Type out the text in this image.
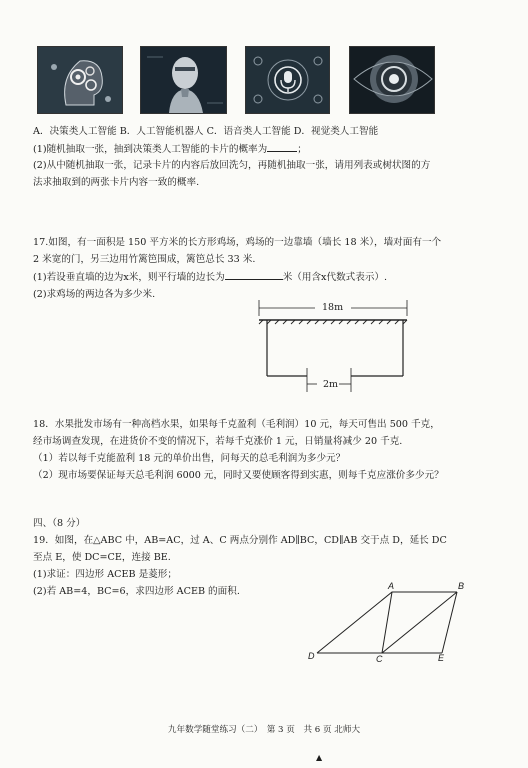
A．决策类人工智能 B．人工智能机器人 C．语音类人工智能 D．视觉类人工智能
(1)随机抽取一张，抽到决策类人工智能的卡片的概率为	；
(2)从中随机抽取一张，记录卡片的内容后放回洗匀，再随机抽取一张，请用列表或树状图的方
法求抽取到的两张卡片内容一致的概率.
17.如图，有一面积是 150 平方米的长方形鸡场，鸡场的一边靠墙（墙长 18 米），墙对面有一个
2 米宽的门，另三边用竹篱笆围成，篱笆总长 33 米.
(1)若设垂直墙的边为x米，则平行墙的边长为	米（用含x代数式表示）.
(2)求鸡场的两边各为多少米.
18m
2m
18．水果批发市场有一种高档水果，如果每千克盈利（毛利润）10 元，每天可售出 500 千克，
经市场调查发现，在进货价不变的情况下，若每千克涨价 1 元，日销量将减少 20 千克.
（1）若以每千克能盈利 18 元的单价出售，问每天的总毛利润为多少元？
（2）现市场要保证每天总毛利润 6000 元，同时又要使顾客得到实惠，则每千克应涨价多少元？
四、（8 分）
19．如图，在△ABC 中，AB=AC，过 A、C 两点分别作 AD∥BC，CD∥AB 交于点 D，延长 DC
至点 E，使 DC=CE，连接 BE.
(1)求证：四边形 ACEB 是菱形；
(2)若 AB=4，BC=6，求四边形 ACEB 的面积.	A	B
D	C	E
九年数学随堂练习（二）　第 3 页　共 6 页 北师大
▲
